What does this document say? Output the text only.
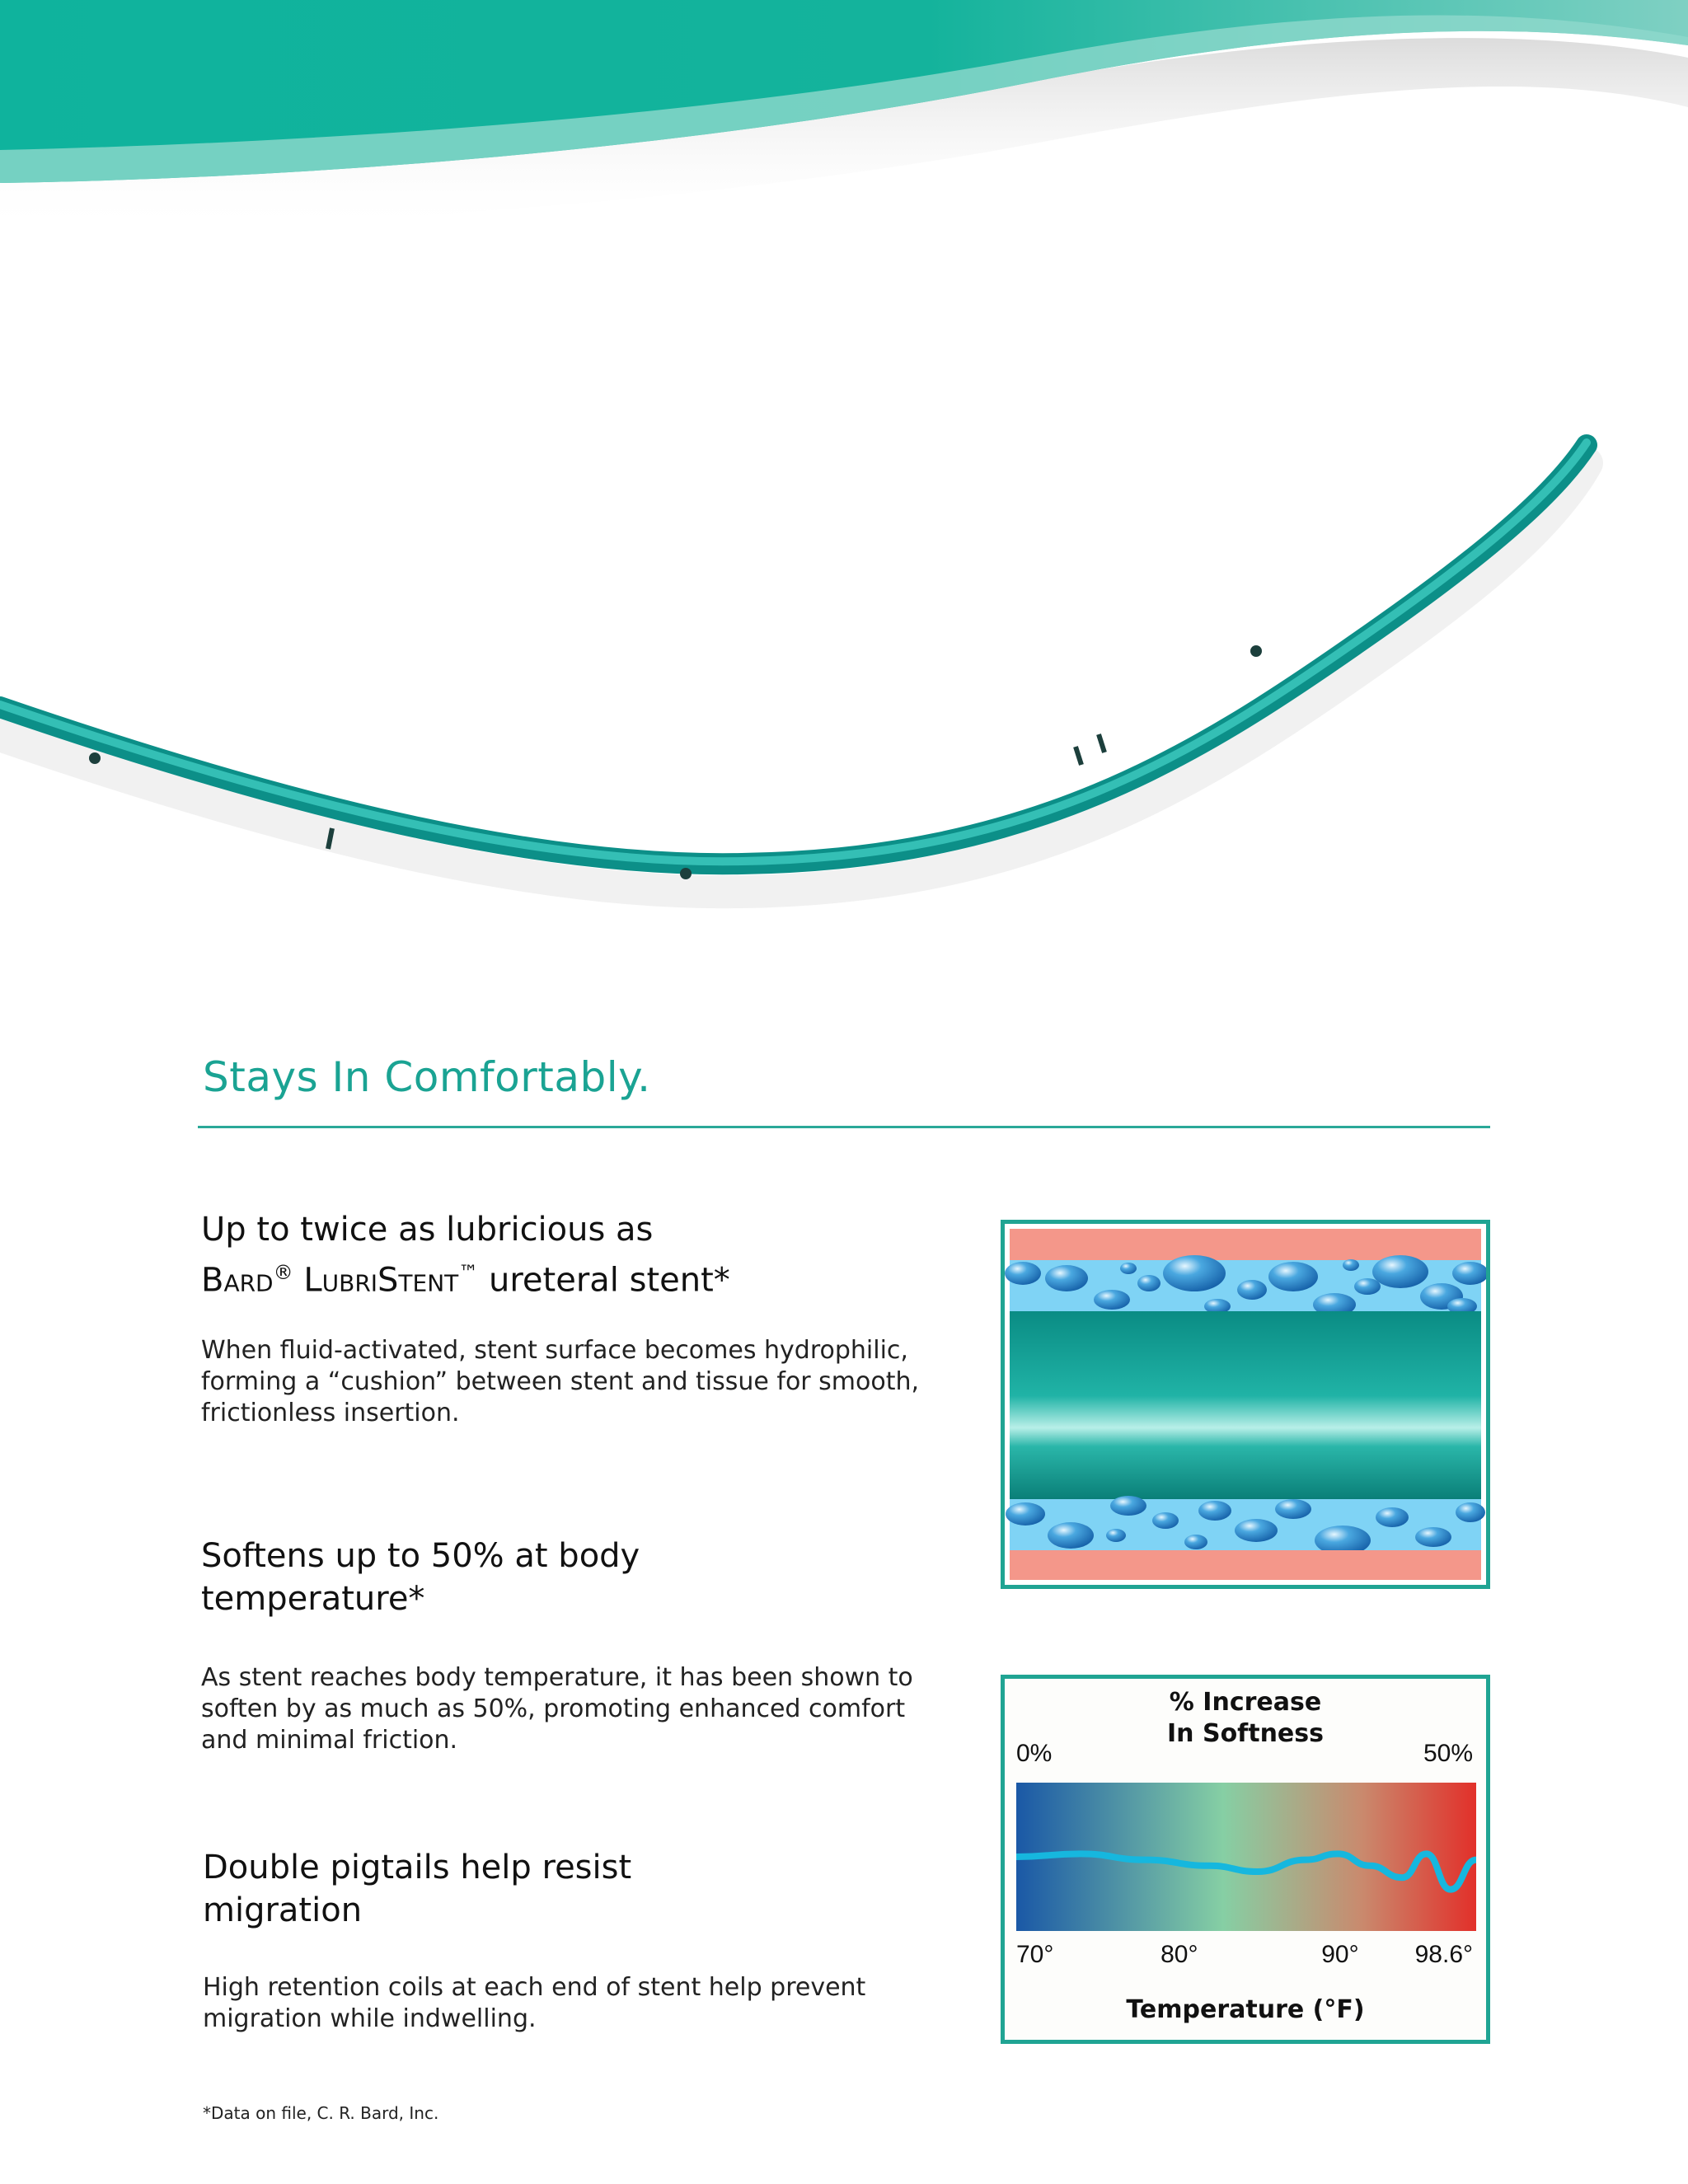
Stays In Comfortably.
Up to twice as lubricious as
Bard® LubriStent™ ureteral stent*

When fluid-activated, stent surface becomes hydrophilic, forming a “cushion” between stent and tissue for smooth, frictionless insertion.

Softens up to 50% at body temperature*

As stent reaches body temperature, it has been shown to soften by as much as 50%, promoting enhanced comfort and minimal friction.

Double pigtails help resist migration

High retention coils at each end of stent help prevent migration while indwelling.

% Increase
In Softness
0%	50%
70°	80°	90° 98.6°
Temperature (°F)
*Data on file, C. R. Bard, Inc.
